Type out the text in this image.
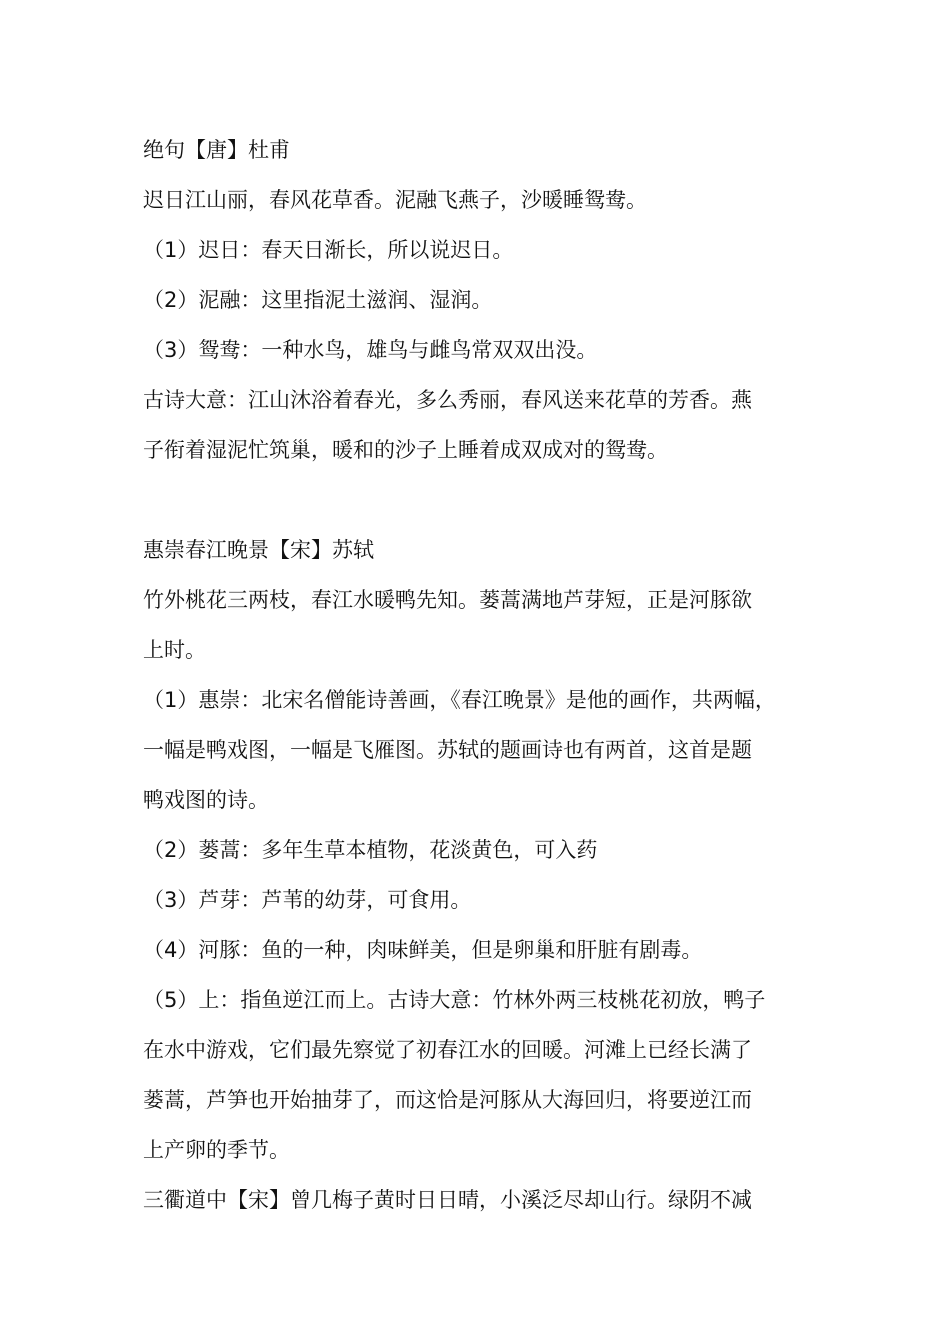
绝句【唐】杜甫
迟日江山丽，春风花草香。泥融飞燕子，沙暖睡鸳鸯。
（1）迟日：春天日渐长，所以说迟日。
（2）泥融：这里指泥土滋润、湿润。
（3）鸳鸯：一种水鸟，雄鸟与雌鸟常双双出没。
古诗大意：江山沐浴着春光，多么秀丽，春风送来花草的芳香。燕
子衔着湿泥忙筑巢，暖和的沙子上睡着成双成对的鸳鸯。
惠崇春江晚景【宋】苏轼
竹外桃花三两枝，春江水暖鸭先知。蒌蒿满地芦芽短，正是河豚欲
上时。
（1）惠崇：北宋名僧能诗善画，《春江晚景》是他的画作，共两幅，
一幅是鸭戏图，一幅是飞雁图。苏轼的题画诗也有两首，这首是题
鸭戏图的诗。
（2）蒌蒿：多年生草本植物，花淡黄色，可入药
（3）芦芽：芦苇的幼芽，可食用。
（4）河豚：鱼的一种，肉味鲜美，但是卵巢和肝脏有剧毒。
（5）上：指鱼逆江而上。古诗大意：竹林外两三枝桃花初放，鸭子
在水中游戏，它们最先察觉了初春江水的回暖。河滩上已经长满了
蒌蒿，芦笋也开始抽芽了，而这恰是河豚从大海回归，将要逆江而
上产卵的季节。
三衢道中【宋】曾几梅子黄时日日晴，小溪泛尽却山行。绿阴不减
